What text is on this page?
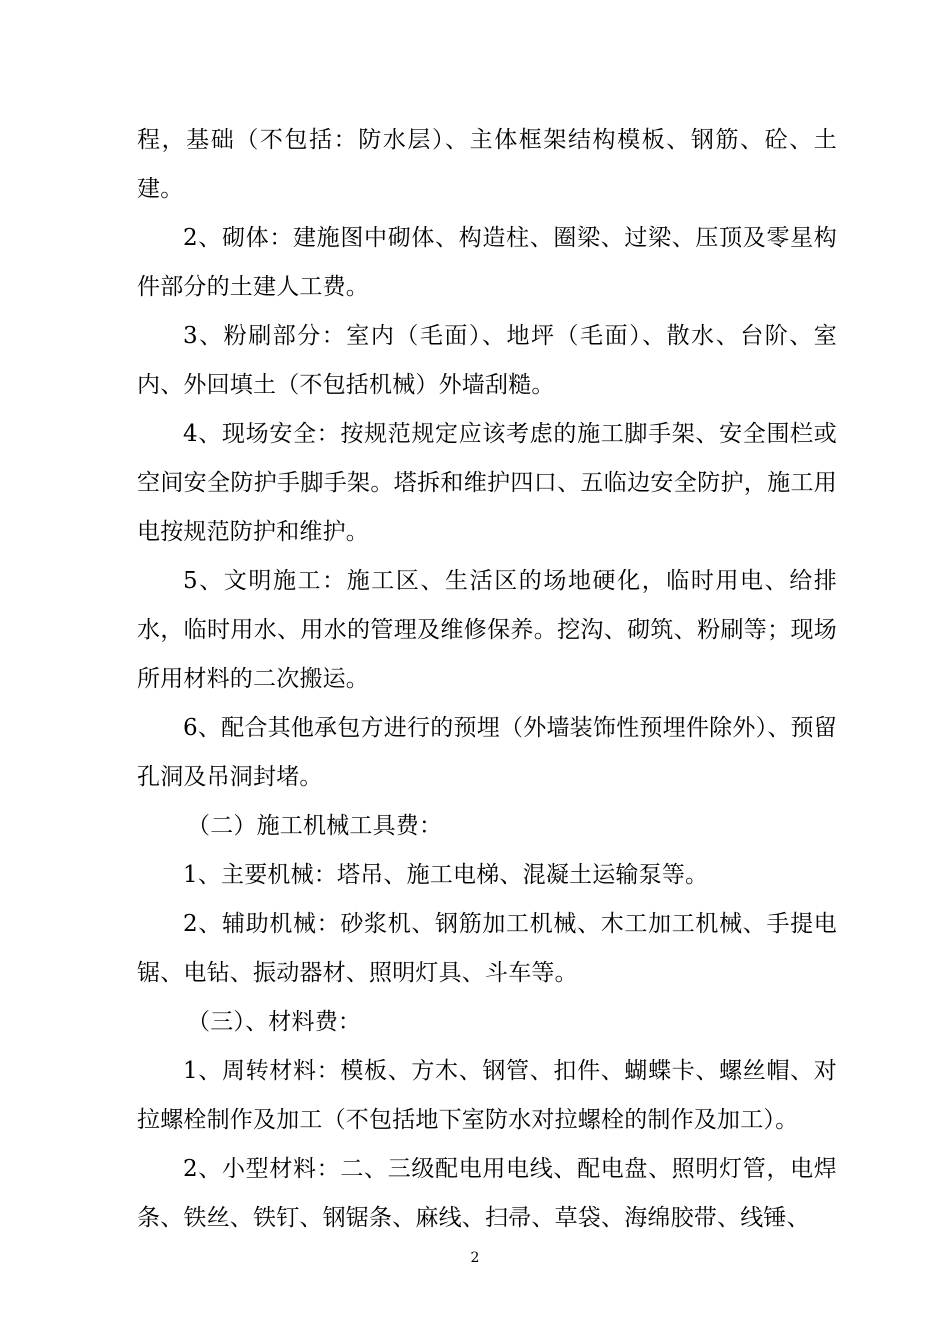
程，基础（不包括：防水层）、主体框架结构模板、钢筋、砼、土建。

2、砌体：建施图中砌体、构造柱、圈梁、过梁、压顶及零星构件部分的土建人工费。

3、粉刷部分：室内（毛面）、地坪（毛面）、散水、台阶、室内、外回填土（不包括机械）外墙刮糙。

4、现场安全：按规范规定应该考虑的施工脚手架、安全围栏或空间安全防护手脚手架。塔拆和维护四口、五临边安全防护，施工用电按规范防护和维护。

5、文明施工：施工区、生活区的场地硬化，临时用电、给排水，临时用水、用水的管理及维修保养。挖沟、砌筑、粉刷等；现场所用材料的二次搬运。

6、配合其他承包方进行的预埋（外墙装饰性预埋件除外）、预留孔洞及吊洞封堵。

（二）施工机械工具费：

1、主要机械：塔吊、施工电梯、混凝土运输泵等。

2、辅助机械：砂浆机、钢筋加工机械、木工加工机械、手提电锯、电钻、振动器材、照明灯具、斗车等。

（三）、材料费：

1、周转材料：模板、方木、钢管、扣件、蝴蝶卡、螺丝帽、对拉螺栓制作及加工（不包括地下室防水对拉螺栓的制作及加工）。

2、小型材料：二、三级配电用电线、配电盘、照明灯管，电焊条、铁丝、铁钉、钢锯条、麻线、扫帚、草袋、海绵胶带、线锤、

2
